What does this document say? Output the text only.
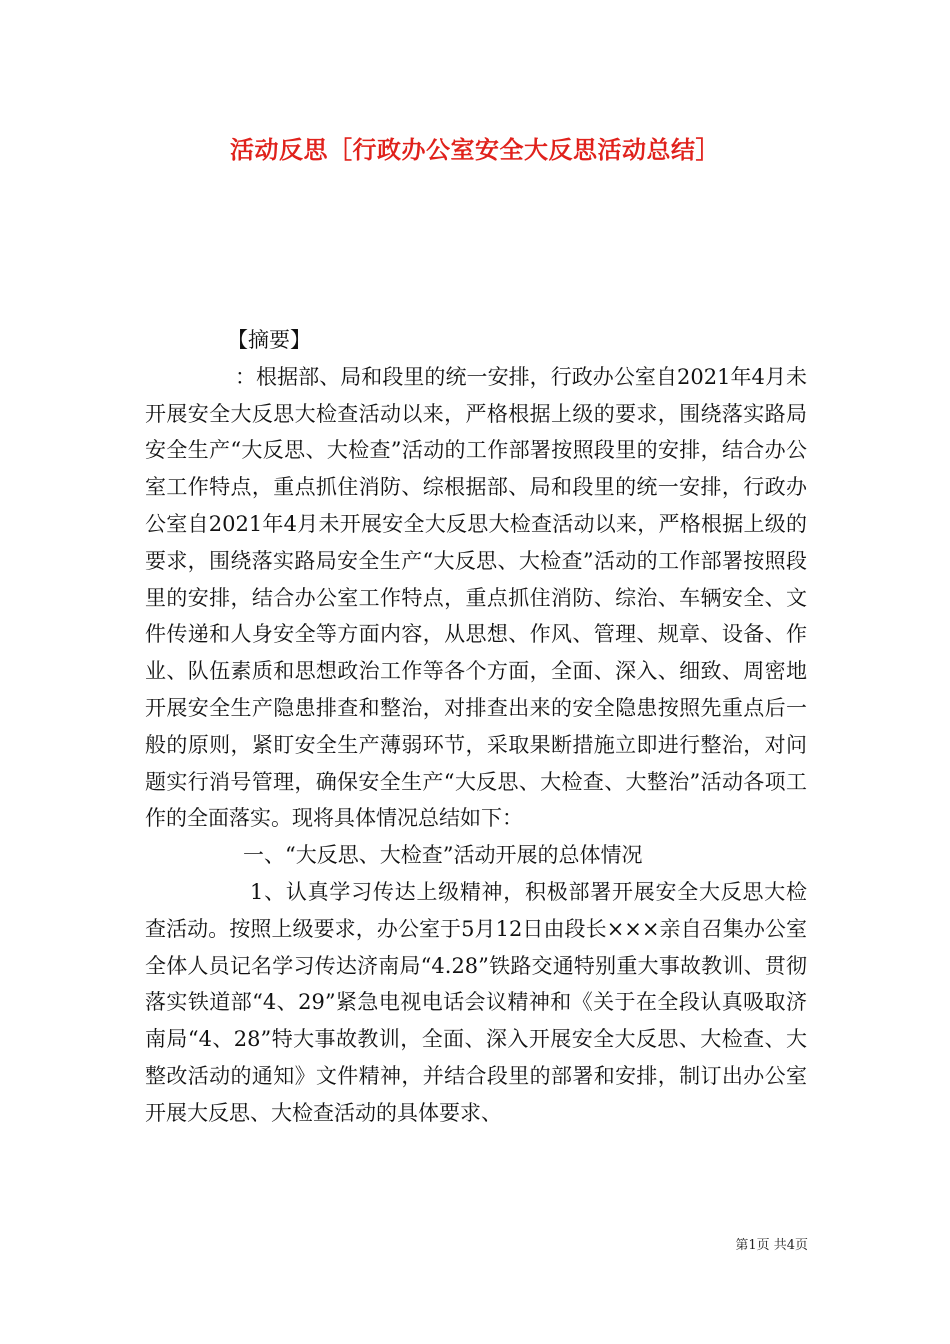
活动反思［行政办公室安全大反思活动总结］

【摘要】

：根据部、局和段里的统一安排，行政办公室自2021年4月未开展安全大反思大检查活动以来，严格根据上级的要求，围绕落实路局安全生产“大反思、大检查”活动的工作部署按照段里的安排，结合办公室工作特点，重点抓住消防、综根据部、局和段里的统一安排，行政办公室自2021年4月未开展安全大反思大检查活动以来，严格根据上级的要求，围绕落实路局安全生产“大反思、大检查”活动的工作部署按照段里的安排，结合办公室工作特点，重点抓住消防、综治、车辆安全、文件传递和人身安全等方面内容，从思想、作风、管理、规章、设备、作业、队伍素质和思想政治工作等各个方面，全面、深入、细致、周密地开展安全生产隐患排查和整治，对排查出来的安全隐患按照先重点后一般的原则，紧盯安全生产薄弱环节，采取果断措施立即进行整治，对问题实行消号管理，确保安全生产“大反思、大检查、大整治”活动各项工作的全面落实。现将具体情况总结如下：

一、“大反思、大检查”活动开展的总体情况

1、认真学习传达上级精神，积极部署开展安全大反思大检查活动。按照上级要求，办公室于5月12日由段长×××亲自召集办公室全体人员记名学习传达济南局“4.28”铁路交通特别重大事故教训、贯彻落实铁道部“4、29”紧急电视电话会议精神和《关于在全段认真吸取济南局“4、28”特大事故教训，全面、深入开展安全大反思、大检查、大整改活动的通知》文件精神，并结合段里的部署和安排，制订出办公室开展大反思、大检查活动的具体要求、

第1页 共4页
